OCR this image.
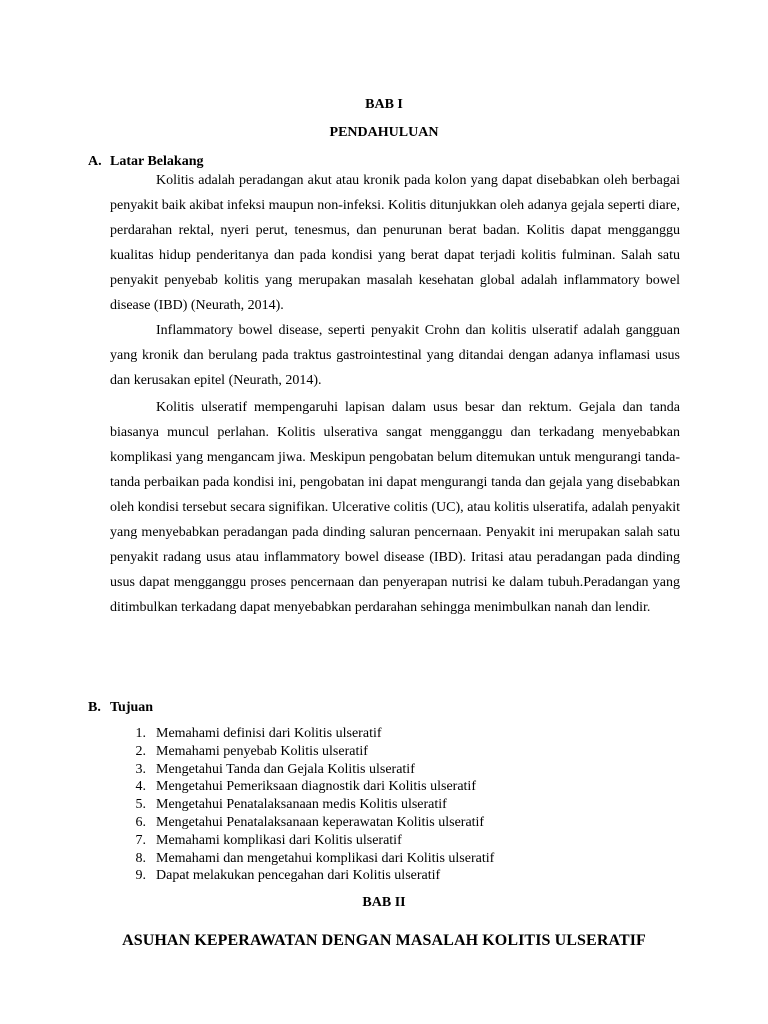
BAB I
PENDAHULUAN
A. Latar Belakang

Kolitis adalah peradangan akut atau kronik pada kolon yang dapat disebabkan oleh berbagai penyakit baik akibat infeksi maupun non-infeksi. Kolitis ditunjukkan oleh adanya gejala seperti diare, perdarahan rektal, nyeri perut, tenesmus, dan penurunan berat badan. Kolitis dapat mengganggu kualitas hidup penderitanya dan pada kondisi yang berat dapat terjadi kolitis fulminan. Salah satu penyakit penyebab kolitis yang merupakan masalah kesehatan global adalah inflammatory bowel disease (IBD) (Neurath, 2014).

Inflammatory bowel disease, seperti penyakit Crohn dan kolitis ulseratif adalah gangguan yang kronik dan berulang pada traktus gastrointestinal yang ditandai dengan adanya inflamasi usus dan kerusakan epitel (Neurath, 2014).

Kolitis ulseratif mempengaruhi lapisan dalam usus besar dan rektum. Gejala dan tanda biasanya muncul perlahan. Kolitis ulserativa sangat mengganggu dan terkadang menyebabkan komplikasi yang mengancam jiwa. Meskipun pengobatan belum ditemukan untuk mengurangi tanda-tanda perbaikan pada kondisi ini, pengobatan ini dapat mengurangi tanda dan gejala yang disebabkan oleh kondisi tersebut secara signifikan. Ulcerative colitis (UC), atau kolitis ulseratifa, adalah penyakit yang menyebabkan peradangan pada dinding saluran pencernaan. Penyakit ini merupakan salah satu penyakit radang usus atau inflammatory bowel disease (IBD). Iritasi atau peradangan pada dinding usus dapat mengganggu proses pencernaan dan penyerapan nutrisi ke dalam tubuh.Peradangan yang ditimbulkan terkadang dapat menyebabkan perdarahan sehingga menimbulkan nanah dan lendir.

B. Tujuan
1. Memahami definisi dari Kolitis ulseratif
2. Memahami penyebab Kolitis ulseratif
3. Mengetahui Tanda dan Gejala Kolitis ulseratif
4. Mengetahui Pemeriksaan diagnostik dari Kolitis ulseratif
5. Mengetahui Penatalaksanaan medis Kolitis ulseratif
6. Mengetahui Penatalaksanaan keperawatan Kolitis ulseratif
7. Memahami komplikasi dari Kolitis ulseratif
8. Memahami dan mengetahui komplikasi dari Kolitis ulseratif
9. Dapat melakukan pencegahan dari Kolitis ulseratif
BAB II
ASUHAN KEPERAWATAN DENGAN MASALAH KOLITIS ULSERATIF
